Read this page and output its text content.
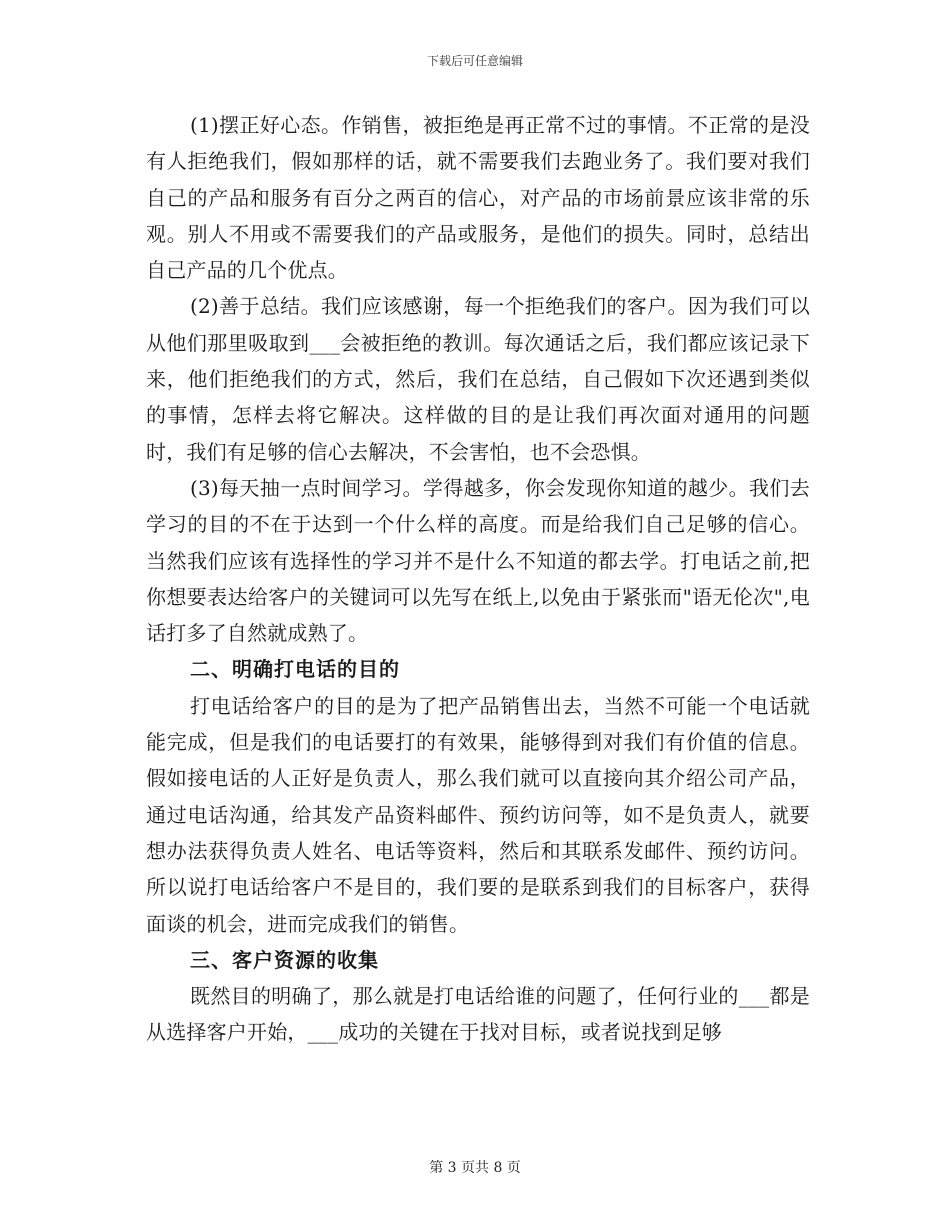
下载后可任意编辑

(1)摆正好心态。作销售，被拒绝是再正常不过的事情。不正常的是没有人拒绝我们，假如那样的话，就不需要我们去跑业务了。我们要对我们自己的产品和服务有百分之两百的信心，对产品的市场前景应该非常的乐观。别人不用或不需要我们的产品或服务，是他们的损失。同时，总结出自己产品的几个优点。

(2)善于总结。我们应该感谢，每一个拒绝我们的客户。因为我们可以从他们那里吸取到___会被拒绝的教训。每次通话之后，我们都应该记录下来，他们拒绝我们的方式，然后，我们在总结，自己假如下次还遇到类似的事情，怎样去将它解决。这样做的目的是让我们再次面对通用的问题时，我们有足够的信心去解决，不会害怕，也不会恐惧。

(3)每天抽一点时间学习。学得越多，你会发现你知道的越少。我们去学习的目的不在于达到一个什么样的高度。而是给我们自己足够的信心。当然我们应该有选择性的学习并不是什么不知道的都去学。打电话之前,把你想要表达给客户的关键词可以先写在纸上,以免由于紧张而"语无伦次",电话打多了自然就成熟了。

二、明确打电话的目的

打电话给客户的目的是为了把产品销售出去，当然不可能一个电话就能完成，但是我们的电话要打的有效果，能够得到对我们有价值的信息。假如接电话的人正好是负责人，那么我们就可以直接向其介绍公司产品，通过电话沟通，给其发产品资料邮件、预约访问等，如不是负责人，就要想办法获得负责人姓名、电话等资料，然后和其联系发邮件、预约访问。所以说打电话给客户不是目的，我们要的是联系到我们的目标客户，获得面谈的机会，进而完成我们的销售。

三、客户资源的收集

既然目的明确了，那么就是打电话给谁的问题了，任何行业的___都是从选择客户开始，___成功的关键在于找对目标，或者说找到足够

第 3 页共 8 页
